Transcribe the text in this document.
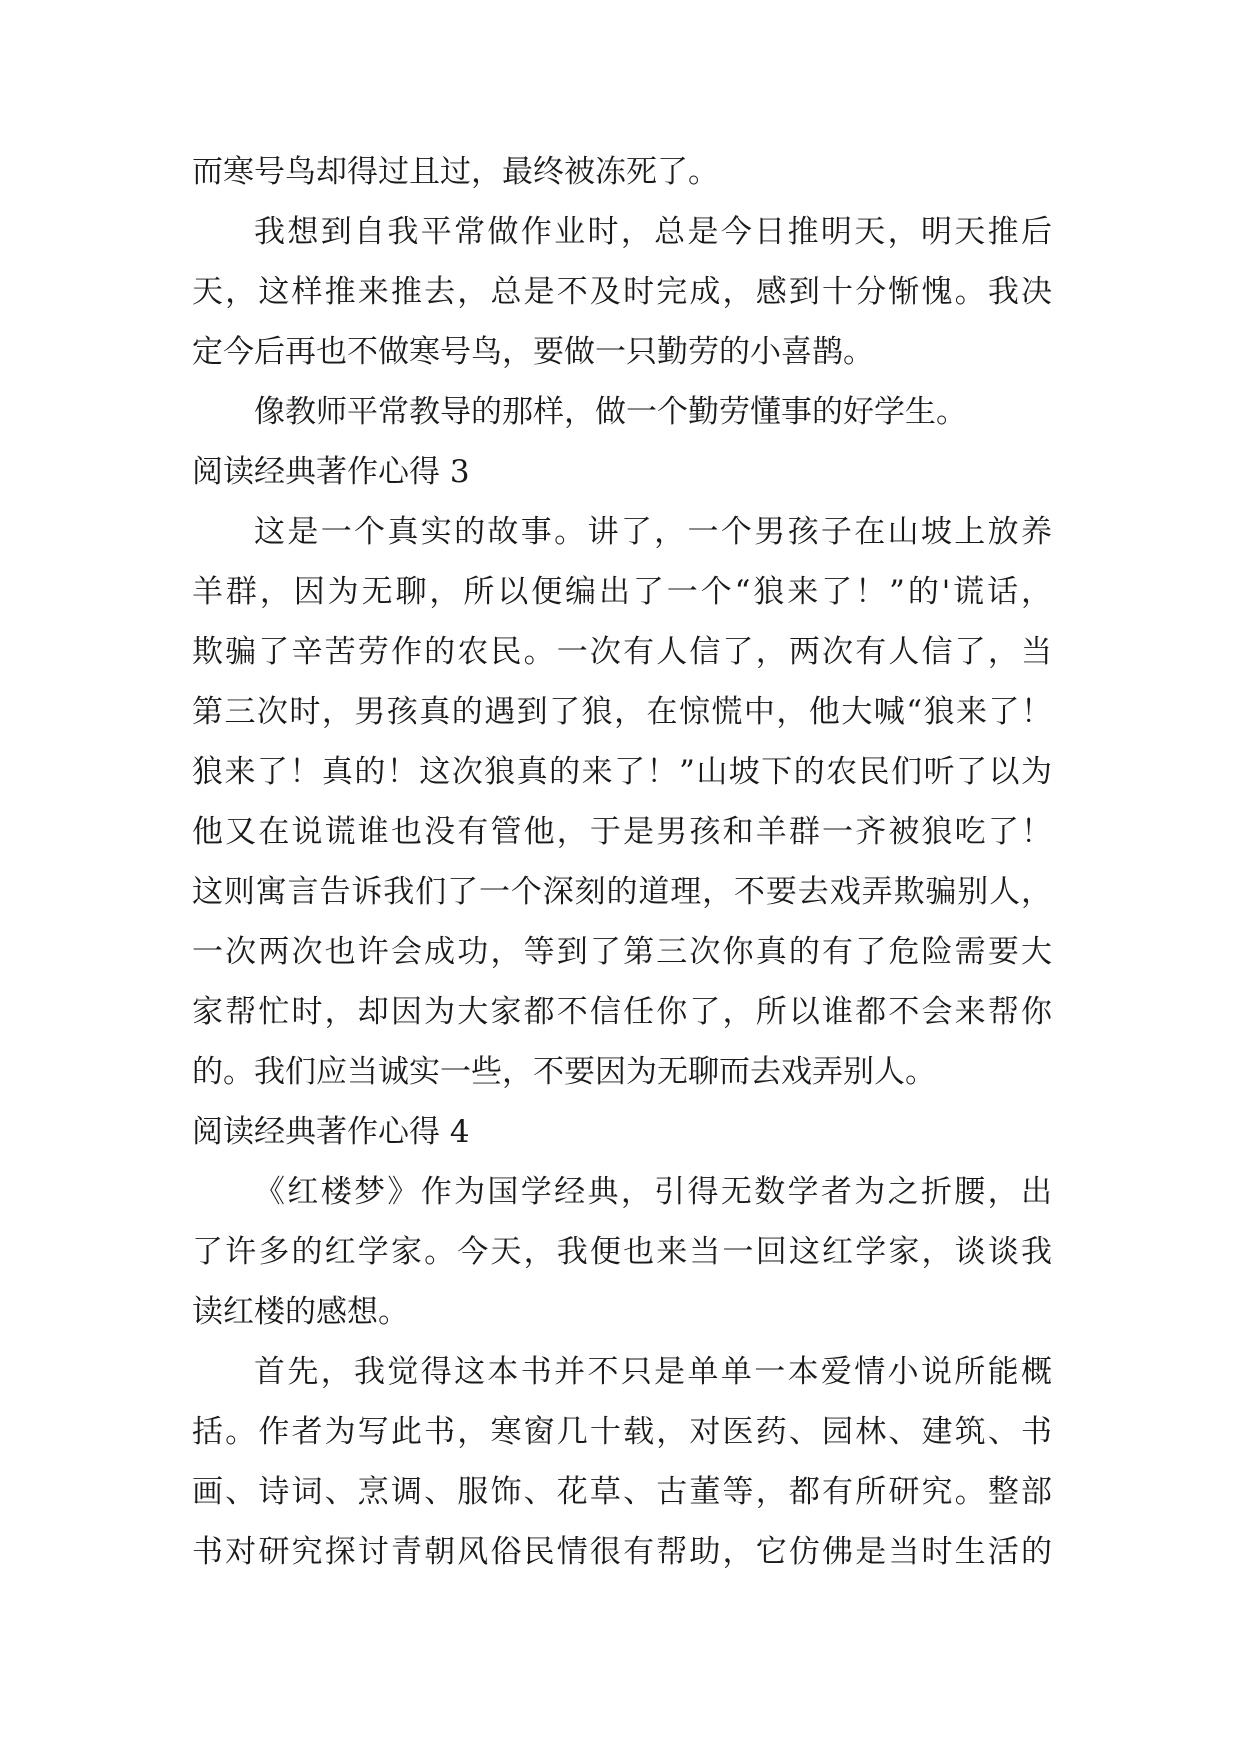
而寒号鸟却得过且过，最终被冻死了。
我想到自我平常做作业时，总是今日推明天，明天推后
天，这样推来推去，总是不及时完成，感到十分惭愧。我决
定今后再也不做寒号鸟，要做一只勤劳的小喜鹊。
像教师平常教导的那样，做一个勤劳懂事的好学生。
阅读经典著作心得 3
这是一个真实的故事。讲了，一个男孩子在山坡上放养
羊群，因为无聊，所以便编出了一个“狼来了！”的'谎话，
欺骗了辛苦劳作的农民。一次有人信了，两次有人信了，当
第三次时，男孩真的遇到了狼，在惊慌中，他大喊“狼来了！
狼来了！真的！这次狼真的来了！”山坡下的农民们听了以为
他又在说谎谁也没有管他，于是男孩和羊群一齐被狼吃了！
这则寓言告诉我们了一个深刻的道理，不要去戏弄欺骗别人，
一次两次也许会成功，等到了第三次你真的有了危险需要大
家帮忙时，却因为大家都不信任你了，所以谁都不会来帮你
的。我们应当诚实一些，不要因为无聊而去戏弄别人。
阅读经典著作心得 4
《红楼梦》作为国学经典，引得无数学者为之折腰，出
了许多的红学家。今天，我便也来当一回这红学家，谈谈我
读红楼的感想。
首先，我觉得这本书并不只是单单一本爱情小说所能概
括。作者为写此书，寒窗几十载，对医药、园林、建筑、书
画、诗词、烹调、服饰、花草、古董等，都有所研究。整部
书对研究探讨青朝风俗民情很有帮助，它仿佛是当时生活的
